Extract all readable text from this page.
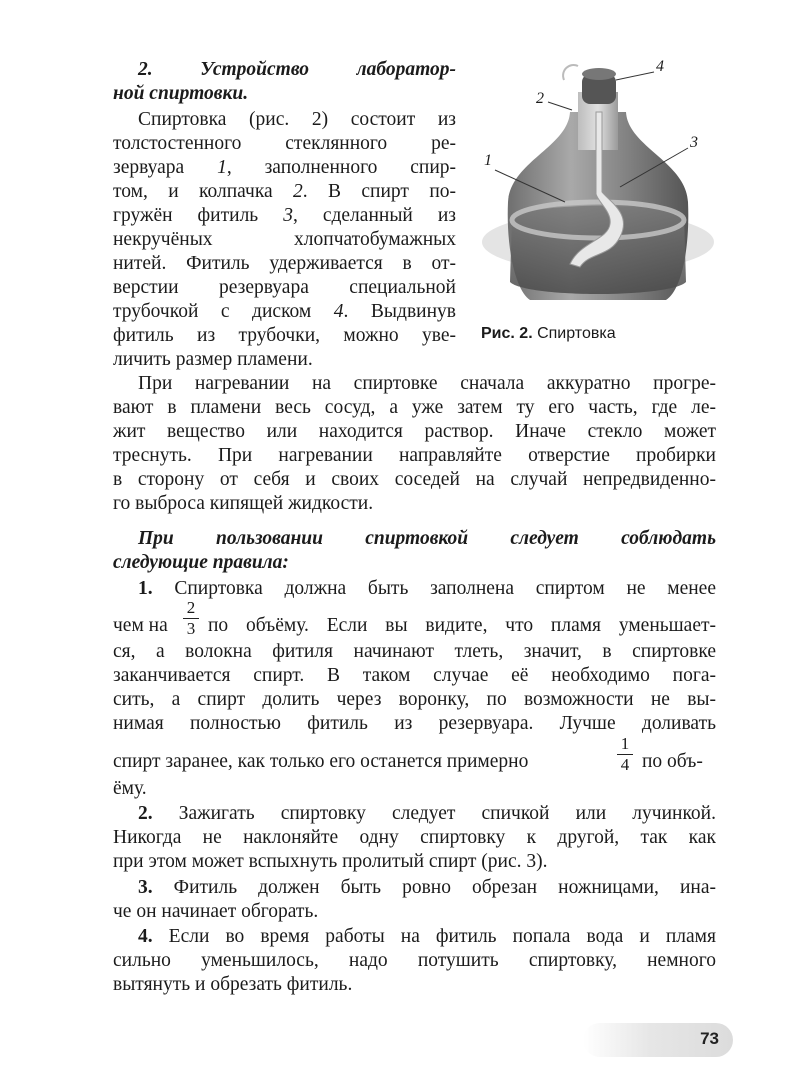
2. Устройство лаборатор-
ной спиртовки.
Спиртовка (рис. 2) состоит из
толстостенного стеклянного ре-
зервуара 1, заполненного спир-
том, и колпачка 2. В спирт по-
гружён фитиль 3, сделанный из
некручёных хлопчатобумажных
нитей. Фитиль удерживается в от-
верстии резервуара специальной
трубочкой с диском 4. Выдвинув
фитиль из трубочки, можно уве-
личить размер пламени.
1
2
3
4
Рис. 2. Спиртовка
При нагревании на спиртовке сначала аккуратно прогре-
вают в пламени весь сосуд, а уже затем ту его часть, где ле-
жит вещество или находится раствор. Иначе стекло может
треснуть. При нагревании направляйте отверстие пробирки
в сторону от себя и своих соседей на случай непредвиденно-
го выброса кипящей жидкости.
При пользовании спиртовкой следует соблюдать
следующие правила:
1. Спиртовка должна быть заполнена спиртом не менее
чем на
2
3 по объёму. Если вы видите, что пламя уменьшает-
ся, а волокна фитиля начинают тлеть, значит, в спиртовке
заканчивается спирт. В таком случае её необходимо пога-
сить, а спирт долить через воронку, по возможности не вы-
нимая полностью фитиль из резервуара. Лучше доливать
спирт заранее, как только его останется примерно
1
4 по объ-
ёму.
2. Зажигать спиртовку следует спичкой или лучинкой.
Никогда не наклоняйте одну спиртовку к другой, так как
при этом может вспыхнуть пролитый спирт (рис. 3).
3. Фитиль должен быть ровно обрезан ножницами, ина-
че он начинает обгорать.
4. Если во время работы на фитиль попала вода и пламя
сильно уменьшилось, надо потушить спиртовку, немного
вытянуть и обрезать фитиль.
73
